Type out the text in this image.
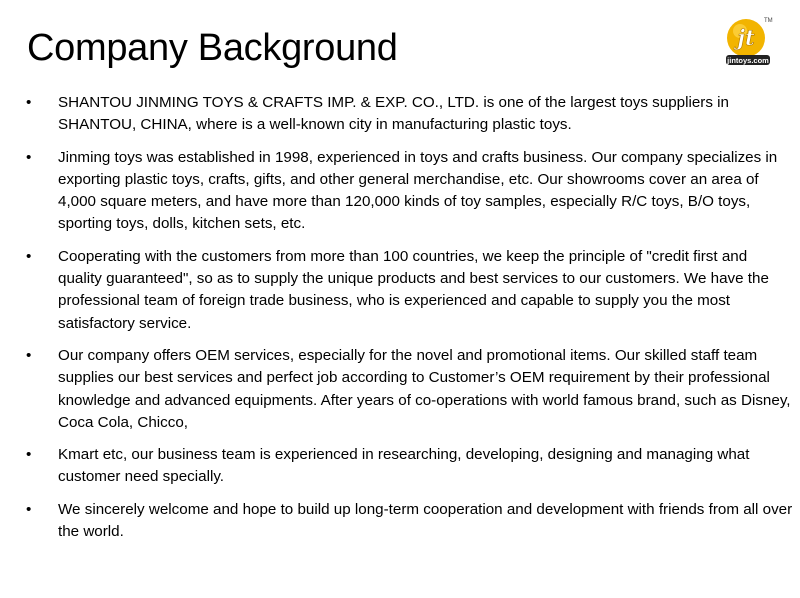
Company Background	jt
TM
jintoys.com
• SHANTOU JINMING TOYS & CRAFTS IMP. & EXP. CO., LTD. is one of the largest toys suppliers in SHANTOU, CHINA, where is a well-known city in manufacturing plastic toys.
• Jinming toys was established in 1998, experienced in toys and crafts business. Our company specializes in exporting plastic toys, crafts, gifts, and other general merchandise, etc. Our showrooms cover an area of 4,000 square meters, and have more than 120,000 kinds of toy samples, especially R/C toys, B/O toys, sporting toys, dolls, kitchen sets, etc.
• Cooperating with the customers from more than 100 countries, we keep the principle of "credit first and quality guaranteed", so as to supply the unique products and best services to our customers. We have the professional team of foreign trade business, who is experienced and capable to supply you the most satisfactory service.
• Our company offers OEM services, especially for the novel and promotional items. Our skilled staff team supplies our best services and perfect job according to Customer’s OEM requirement by their professional knowledge and advanced equipments. After years of co-operations with world famous brand, such as Disney, Coca Cola, Chicco,
• Kmart etc, our business team is experienced in researching, developing, designing and managing what customer need specially.
• We sincerely welcome and hope to build up long-term cooperation and development with friends from all over the world.
